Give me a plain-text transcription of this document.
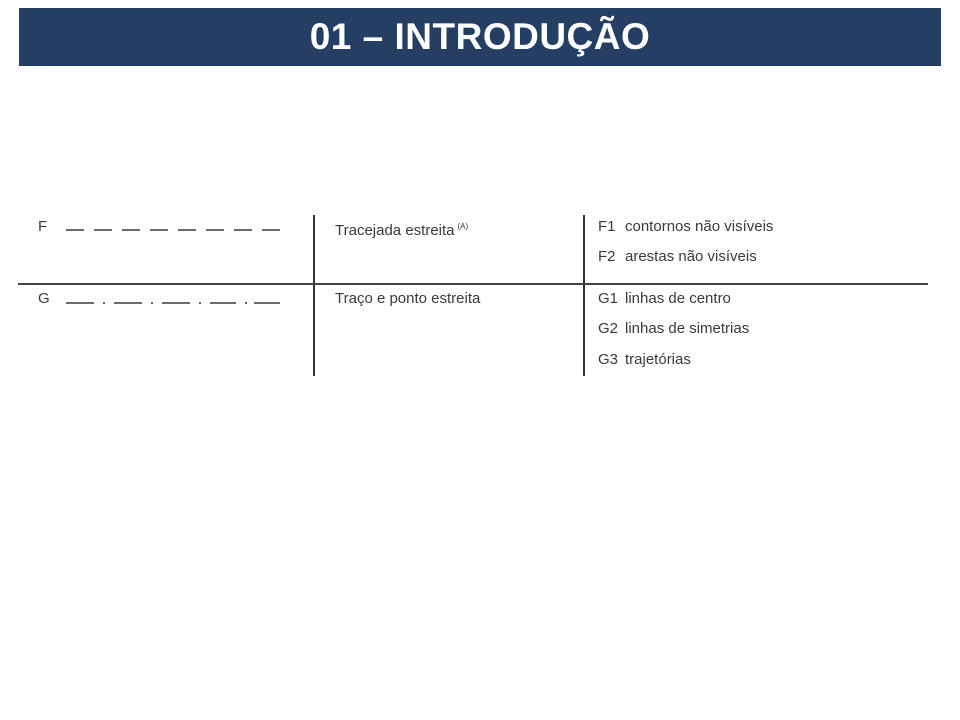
01 – INTRODUÇÃO
F	Tracejada estreita $^{(A)}$	F1 contornos não visíveis
F2 arestas não visíveis
G	Traço e ponto estreita	G1 linhas de centro
G2 linhas de simetrias
G3 trajetórias
